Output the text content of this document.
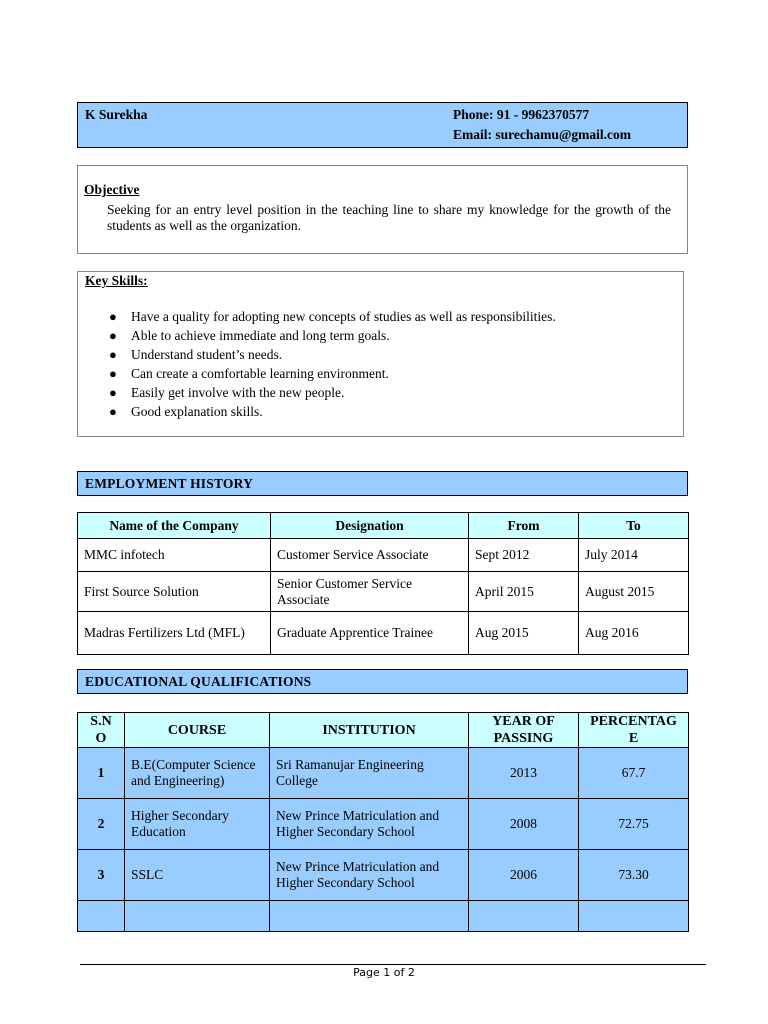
K Surekha	Phone: 91 - 9962370577
Email: surechamu@gmail.com
Objective
Seeking for an entry level position in the teaching line to share my knowledge for the growth of the students as well as the organization.
Key Skills:
● Have a quality for adopting new concepts of studies as well as responsibilities.
● Able to achieve immediate and long term goals.
● Understand student’s needs.
● Can create a comfortable learning environment.
● Easily get involve with the new people.
● Good explanation skills.
EMPLOYMENT HISTORY
Name of the Company	Designation	From	To
MMC infotech	Customer Service Associate	Sept 2012	July 2014
First Source Solution	Senior Customer Service Associate	April 2015	August 2015
Madras Fertilizers Ltd (MFL)	Graduate Apprentice Trainee	Aug 2015	Aug 2016
EDUCATIONAL QUALIFICATIONS
S.N O	COURSE	INSTITUTION	YEAR OF PASSING	PERCENTAG E
1	B.E(Computer Science and Engineering)	Sri Ramanujar Engineering College	2013	67.7
2	Higher Secondary Education	New Prince Matriculation and Higher Secondary School	2008	72.75
3	SSLC	New Prince Matriculation and Higher Secondary School	2006	73.30

Page 1 of 2
